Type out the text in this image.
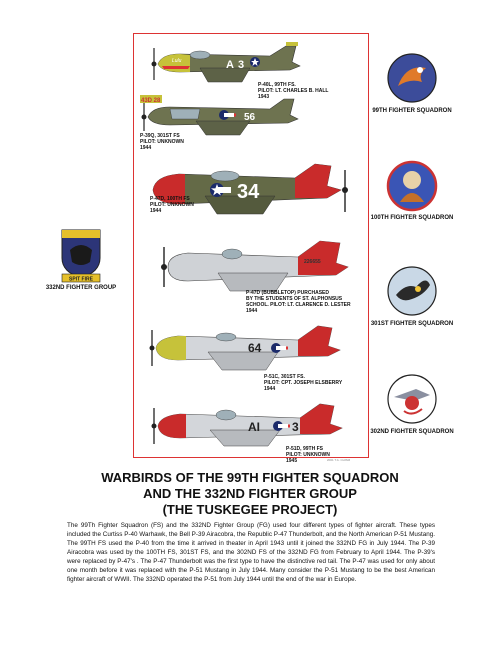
A 3
Lulu
P-40L, 99TH FS.
PILOT: LT. CHARLES B. HALL
1943
56
43D 28
P-39Q, 301ST FS
PILOT: UNKNOWN
1944
34
P-47D, 100TH FS
PILOT: UNKNOWN
1944
226655
P-47D (BUBBLETOP) PURCHASED
BY THE STUDENTS OF ST. ALPHONSUS
SCHOOL. PILOT: LT. CLARENCE D. LESTER
1944
64
P-51C, 301ST FS.
PILOT: CPT. JOSEPH ELSBERRY
1944
AI	3
P-51D, 99TH FS
PILOT: UNKNOWN
1945	2001 T.A. CHISM
99TH FIGHTER SQUADRON
100TH FIGHTER SQUADRON
301ST FIGHTER SQUADRON
302ND FIGHTER SQUADRON
SPIT FIRE
332ND FIGHTER GROUP
WARBIRDS OF THE 99TH FIGHTER SQUADRON
AND THE 332ND FIGHTER GROUP
(THE TUSKEGEE PROJECT)
The 99Th Fighter Squadron (FS) and the 332ND Fighter Group (FG) used four different types of fighter aircraft. These types included the Curtiss P-40 Warhawk, the Bell P-39 Airacobra, the Republic P-47 Thunderbolt, and the North American P-51 Mustang. The 99TH FS used the P-40 from the time it arrived in theater in April 1943 until it joined the 332ND FG in July 1944. The P-39 Airacobra was used by the 100TH FS, 301ST FS, and the 302ND FS of the 332ND FG from February to April 1944. The P-39's were replaced by P-47's . The P-47 Thunderbolt was the first type to have the distinctive red tail. The P-47 was used for only about one month before it was replaced with the P-51 Mustang in July 1944. Many consider the P-51 Mustang to be the best American fighter aircraft of WWII. The 332ND operated the P-51 from July 1944 until the end of the war in Europe.
